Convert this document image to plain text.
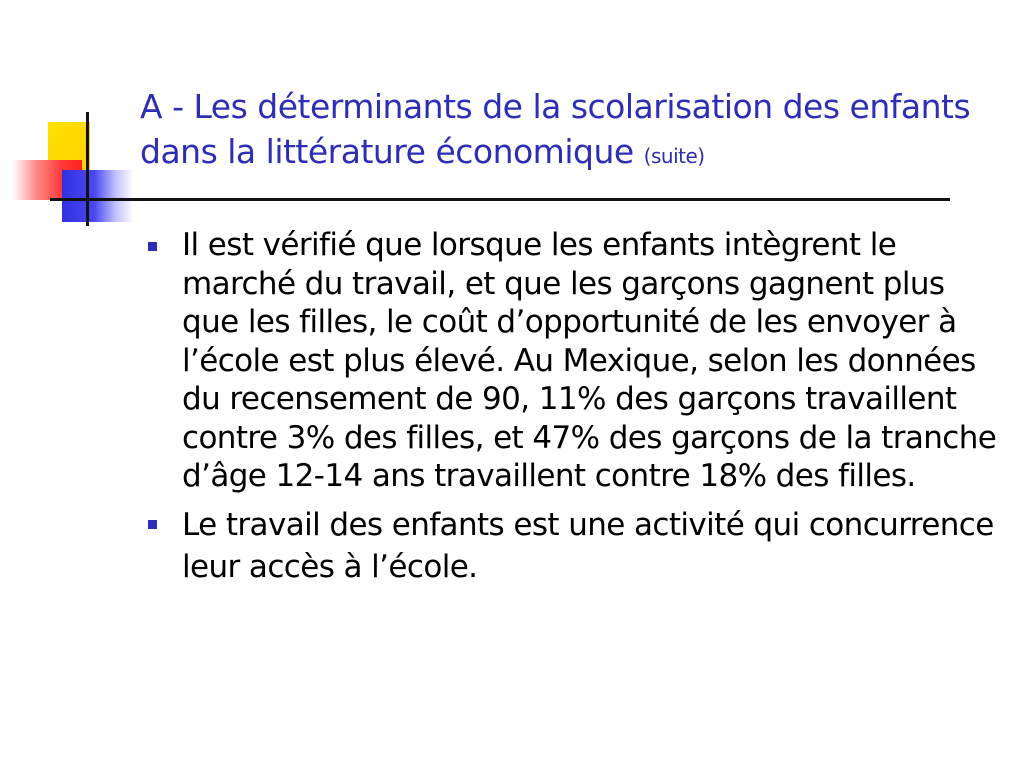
A - Les déterminants de la scolarisation des enfants dans la littérature économique (suite)
Il est vérifié que lorsque les enfants intègrent le marché du travail, et que les garçons gagnent plus que les filles, le coût d’opportunité de les envoyer à l’école est plus élevé. Au Mexique, selon les données du recensement de 90, 11% des garçons travaillent contre 3% des filles, et 47% des garçons de la tranche d’âge 12-14 ans travaillent contre 18% des filles.
Le travail des enfants est une activité qui concurrence leur accès à l’école.
